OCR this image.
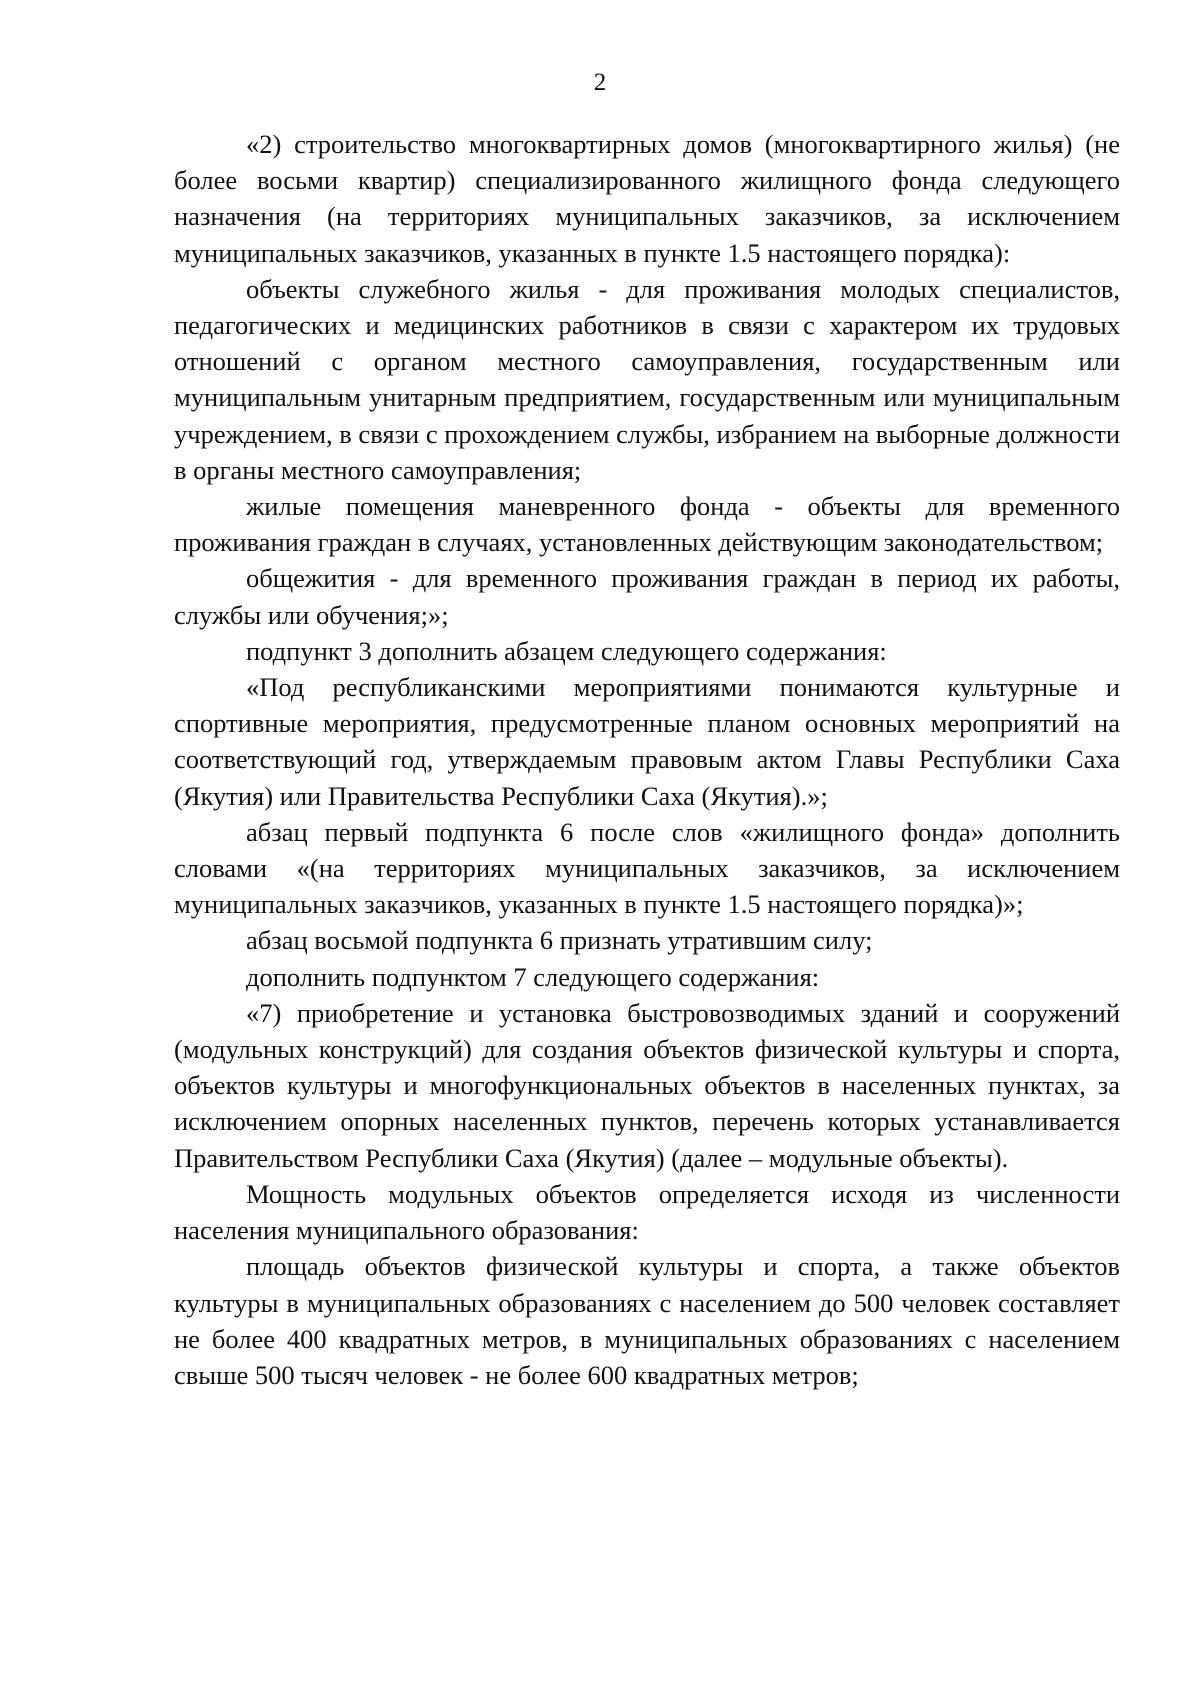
2

«2) строительство многоквартирных домов (многоквартирного жилья) (не более восьми квартир) специализированного жилищного фонда следующего назначения (на территориях муниципальных заказчиков, за исключением муниципальных заказчиков, указанных в пункте 1.5 настоящего порядка):

объекты служебного жилья - для проживания молодых специалистов, педагогических и медицинских работников в связи с характером их трудовых отношений с органом местного самоуправления, государственным или муниципальным унитарным предприятием, государственным или муниципальным учреждением, в связи с прохождением службы, избранием на выборные должности в органы местного самоуправления;

жилые помещения маневренного фонда - объекты для временного проживания граждан в случаях, установленных действующим законодательством;

общежития - для временного проживания граждан в период их работы, службы или обучения;»;

подпункт 3 дополнить абзацем следующего содержания:

«Под республиканскими мероприятиями понимаются культурные и спортивные мероприятия, предусмотренные планом основных мероприятий на соответствующий год, утверждаемым правовым актом Главы Республики Саха (Якутия) или Правительства Республики Саха (Якутия).»;

абзац первый подпункта 6 после слов «жилищного фонда» дополнить словами «(на территориях муниципальных заказчиков, за исключением муниципальных заказчиков, указанных в пункте 1.5 настоящего порядка)»;

абзац восьмой подпункта 6 признать утратившим силу;

дополнить подпунктом 7 следующего содержания:

«7) приобретение и установка быстровозводимых зданий и сооружений (модульных конструкций) для создания объектов физической культуры и спорта, объектов культуры и многофункциональных объектов в населенных пунктах, за исключением опорных населенных пунктов, перечень которых устанавливается Правительством Республики Саха (Якутия) (далее – модульные объекты).

Мощность модульных объектов определяется исходя из численности населения муниципального образования:

площадь объектов физической культуры и спорта, а также объектов культуры в муниципальных образованиях с населением до 500 человек составляет не более 400 квадратных метров, в муниципальных образованиях с населением свыше 500 тысяч человек - не более 600 квадратных метров;
